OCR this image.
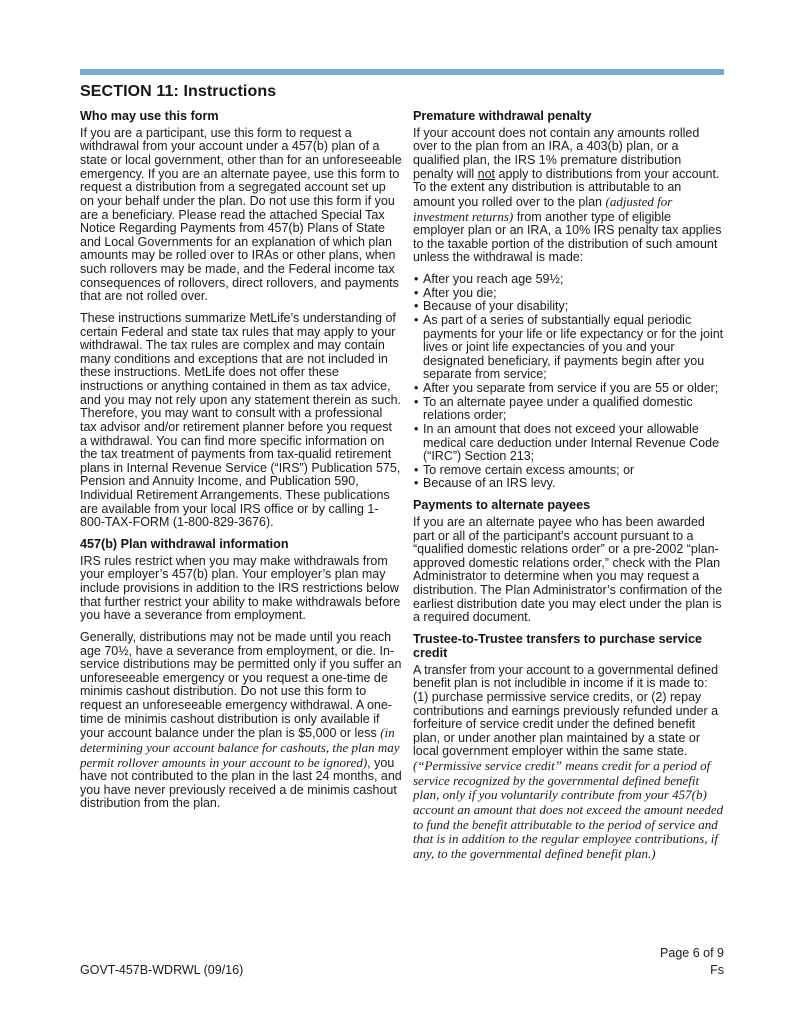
SECTION 11: Instructions
Who may use this form

If you are a participant, use this form to request a withdrawal from your account under a 457(b) plan of a state or local government, other than for an unforeseeable emergency. If you are an alternate payee, use this form to request a distribution from a segregated account set up on your behalf under the plan. Do not use this form if you are a beneficiary. Please read the attached Special Tax Notice Regarding Payments from 457(b) Plans of State and Local Governments for an explanation of which plan amounts may be rolled over to IRAs or other plans, when such rollovers may be made, and the Federal income tax consequences of rollovers, direct rollovers, and payments that are not rolled over.

These instructions summarize MetLife’s understanding of certain Federal and state tax rules that may apply to your withdrawal. The tax rules are complex and may contain many conditions and exceptions that are not included in these instructions. MetLife does not offer these instructions or anything contained in them as tax advice, and you may not rely upon any statement therein as such. Therefore, you may want to consult with a professional tax advisor and/or retirement planner before you request a withdrawal. You can find more specific information on the tax treatment of payments from tax-qualid retirement plans in Internal Revenue Service (“IRS”) Publication 575, Pension and Annuity Income, and Publication 590, Individual Retirement Arrangements. These publications are available from your local IRS office or by calling 1-800-TAX-FORM (1-800-829-3676).

457(b) Plan withdrawal information

IRS rules restrict when you may make withdrawals from your employer’s 457(b) plan. Your employer’s plan may include provisions in addition to the IRS restrictions below that further restrict your ability to make withdrawals before you have a severance from employment.

Generally, distributions may not be made until you reach age 70½, have a severance from employment, or die. In-service distributions may be permitted only if you suffer an unforeseeable emergency or you request a one-time de minimis cashout distribution. Do not use this form to request an unforeseeable emergency withdrawal. A one-time de minimis cashout distribution is only available if your account balance under the plan is $5,000 or less (in determining your account balance for cashouts, the plan may permit rollover amounts in your account to be ignored), you have not contributed to the plan in the last 24 months, and you have never previously received a de minimis cashout distribution from the plan.

Premature withdrawal penalty

If your account does not contain any amounts rolled over to the plan from an IRA, a 403(b) plan, or a qualified plan, the IRS 1% premature distribution penalty will not apply to distributions from your account. To the extent any distribution is attributable to an amount you rolled over to the plan (adjusted for investment returns) from another type of eligible employer plan or an IRA, a 10% IRS penalty tax applies to the taxable portion of the distribution of such amount unless the withdrawal is made:

• After you reach age 59½;
• After you die;
• Because of your disability;
• As part of a series of substantially equal periodic payments for your life or life expectancy or for the joint lives or joint life expectancies of you and your designated beneficiary, if payments begin after you separate from service;
• After you separate from service if you are 55 or older;
• To an alternate payee under a qualified domestic relations order;
• In an amount that does not exceed your allowable medical care deduction under Internal Revenue Code (“IRC”) Section 213;
• To remove certain excess amounts; or
• Because of an IRS levy.
Payments to alternate payees

If you are an alternate payee who has been awarded part or all of the participant’s account pursuant to a “qualified domestic relations order” or a pre-2002 “plan-approved domestic relations order,” check with the Plan Administrator to determine when you may request a distribution. The Plan Administrator’s confirmation of the earliest distribution date you may elect under the plan is a required document.

Trustee-to-Trustee transfers to purchase service credit

A transfer from your account to a governmental defined benefit plan is not includible in income if it is made to: (1) purchase permissive service credits, or (2) repay contributions and earnings previously refunded under a forfeiture of service credit under the defined benefit plan, or under another plan maintained by a state or local government employer within the same state. (“Permissive service credit” means credit for a period of service recognized by the governmental defined benefit plan, only if you voluntarily contribute from your 457(b) account an amount that does not exceed the amount needed to fund the benefit attributable to the period of service and that is in addition to the regular employee contributions, if any, to the governmental defined benefit plan.)

Page 6 of 9
GOVT-457B-WDRWL (09/16)	Fs
